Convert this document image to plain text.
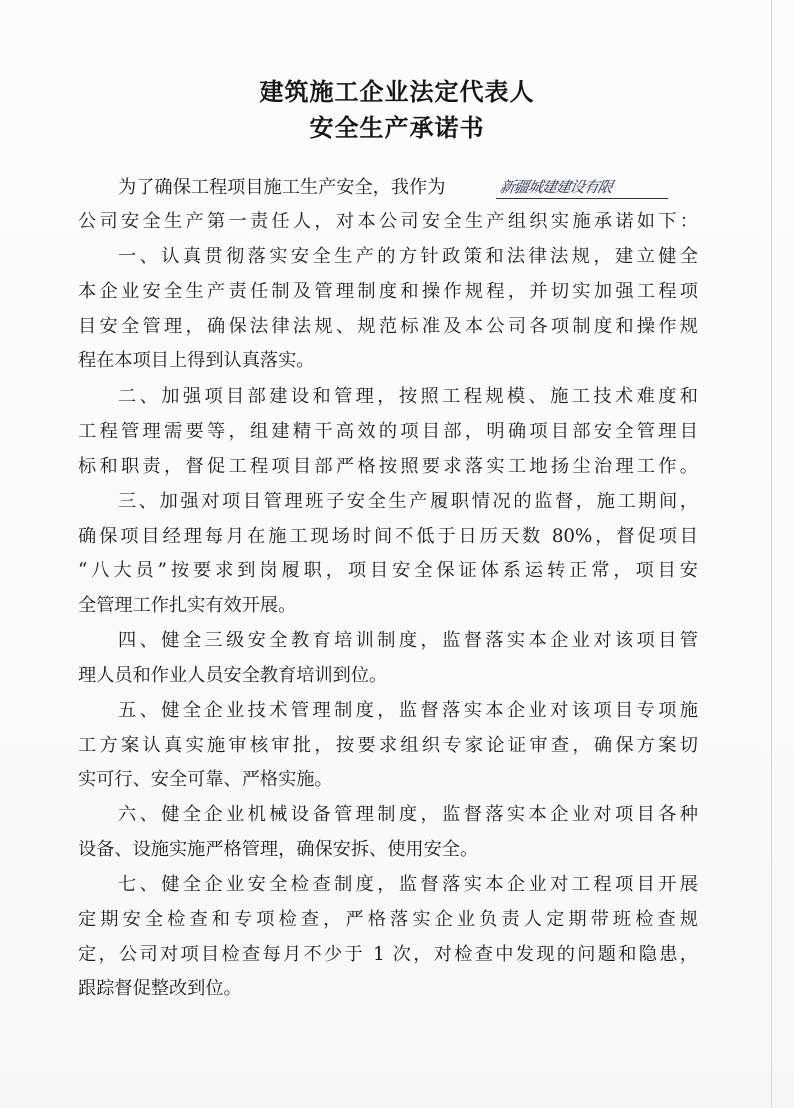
建筑施工企业法定代表人
安全生产承诺书
为了确保工程项目施工生产安全，我作为	新疆城建建设有限
公司安全生产第一责任人，对本公司安全生产组织实施承诺如下：
一、认真贯彻落实安全生产的方针政策和法律法规，建立健全
本企业安全生产责任制及管理制度和操作规程，并切实加强工程项
目安全管理，确保法律法规、规范标准及本公司各项制度和操作规
程在本项目上得到认真落实。
二、加强项目部建设和管理，按照工程规模、施工技术难度和
工程管理需要等，组建精干高效的项目部，明确项目部安全管理目
标和职责，督促工程项目部严格按照要求落实工地扬尘治理工作。
三、加强对项目管理班子安全生产履职情况的监督，施工期间，
确保项目经理每月在施工现场时间不低于日历天数 80%，督促项目
“八大员”按要求到岗履职，项目安全保证体系运转正常，项目安
全管理工作扎实有效开展。
四、健全三级安全教育培训制度，监督落实本企业对该项目管
理人员和作业人员安全教育培训到位。
五、健全企业技术管理制度，监督落实本企业对该项目专项施
工方案认真实施审核审批，按要求组织专家论证审查，确保方案切
实可行、安全可靠、严格实施。
六、健全企业机械设备管理制度，监督落实本企业对项目各种
设备、设施实施严格管理，确保安拆、使用安全。
七、健全企业安全检查制度，监督落实本企业对工程项目开展
定期安全检查和专项检查，严格落实企业负责人定期带班检查规
定，公司对项目检查每月不少于 1 次，对检查中发现的问题和隐患，
跟踪督促整改到位。
